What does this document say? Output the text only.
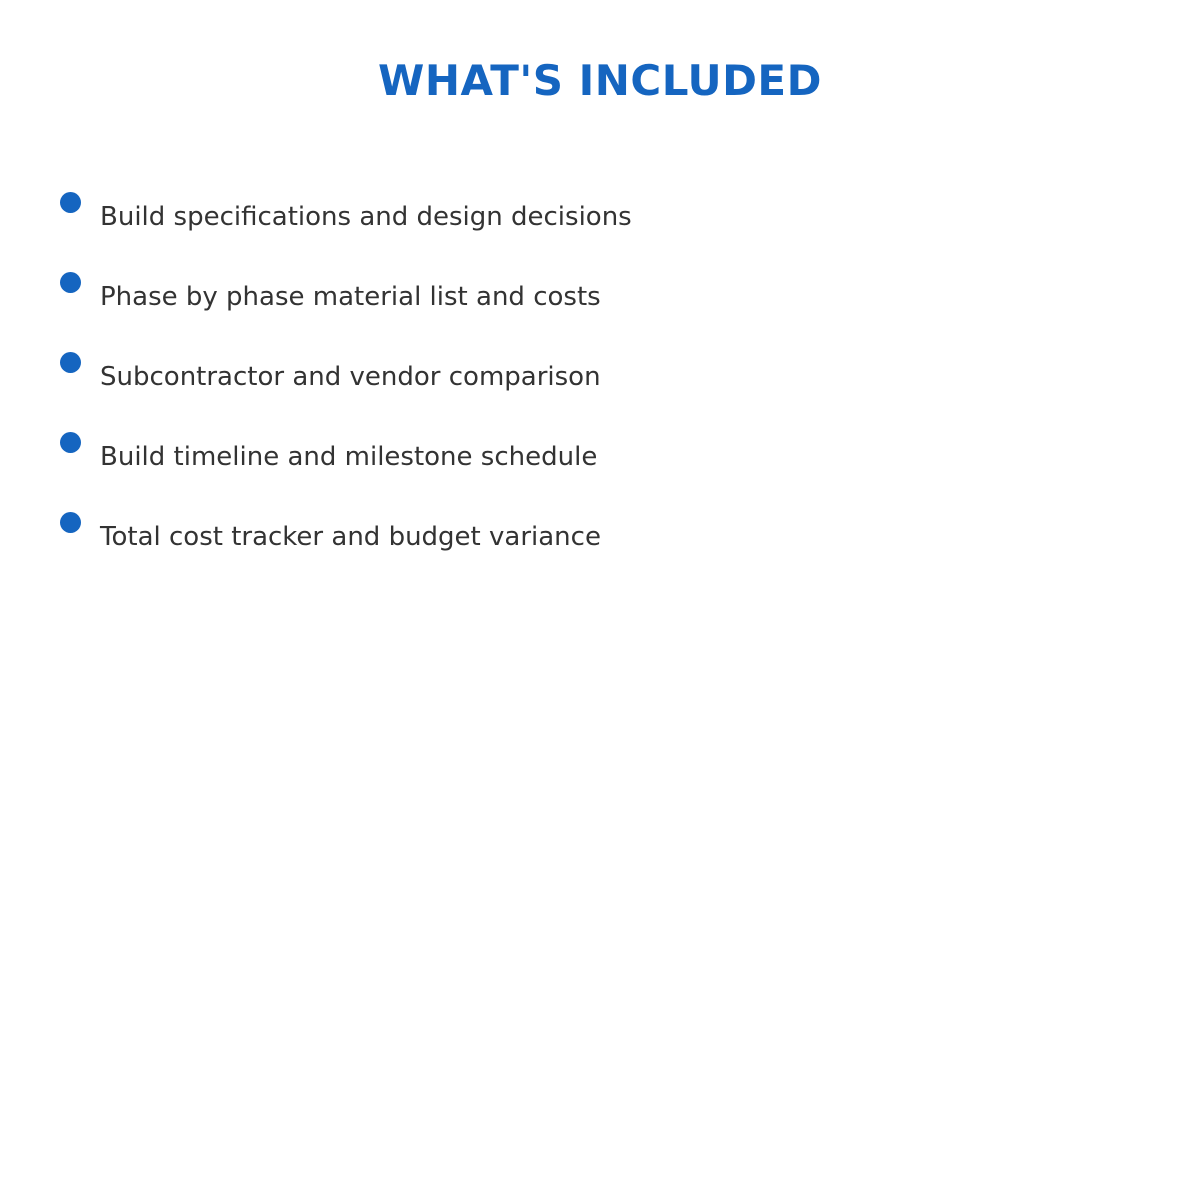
WHAT'S INCLUDED
Build specifications and design decisions
Phase by phase material list and costs
Subcontractor and vendor comparison
Build timeline and milestone schedule
Total cost tracker and budget variance
